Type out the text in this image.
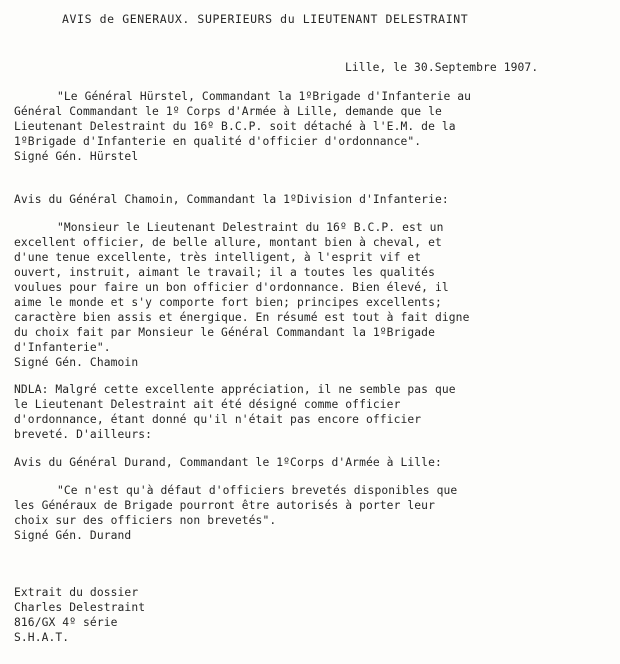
AVIS de GENERAUX. SUPERIEURS du LIEUTENANT DELESTRAINT
Lille, le 30.Septembre 1907.
"Le Général Hürstel, Commandant la 1ºBrigade d'Infanterie au
Général Commandant le 1º Corps d'Armée à Lille, demande que le
Lieutenant Delestraint du 16º B.C.P. soit détaché à l'E.M. de la
1ºBrigade d'Infanterie en qualité d'officier d'ordonnance".
Signé Gén. Hürstel
Avis du Général Chamoin, Commandant la 1ºDivision d'Infanterie:
"Monsieur le Lieutenant Delestraint du 16º B.C.P. est un
excellent officier, de belle allure, montant bien à cheval, et
d'une tenue excellente, très intelligent, à l'esprit vif et
ouvert, instruit, aimant le travail; il a toutes les qualités
voulues pour faire un bon officier d'ordonnance. Bien élevé, il
aime le monde et s'y comporte fort bien; principes excellents;
caractère bien assis et énergique. En résumé est tout à fait digne
du choix fait par Monsieur le Général Commandant la 1ºBrigade
d'Infanterie".
Signé Gén. Chamoin
NDLA: Malgré cette excellente appréciation, il ne semble pas que
le Lieutenant Delestraint ait été désigné comme officier
d'ordonnance, étant donné qu'il n'était pas encore officier
breveté. D'ailleurs:
Avis du Général Durand, Commandant le 1ºCorps d'Armée à Lille:
"Ce n'est qu'à défaut d'officiers brevetés disponibles que
les Généraux de Brigade pourront être autorisés à porter leur
choix sur des officiers non brevetés".
Signé Gén. Durand
Extrait du dossier
Charles Delestraint
816/GX 4º série
S.H.A.T.
